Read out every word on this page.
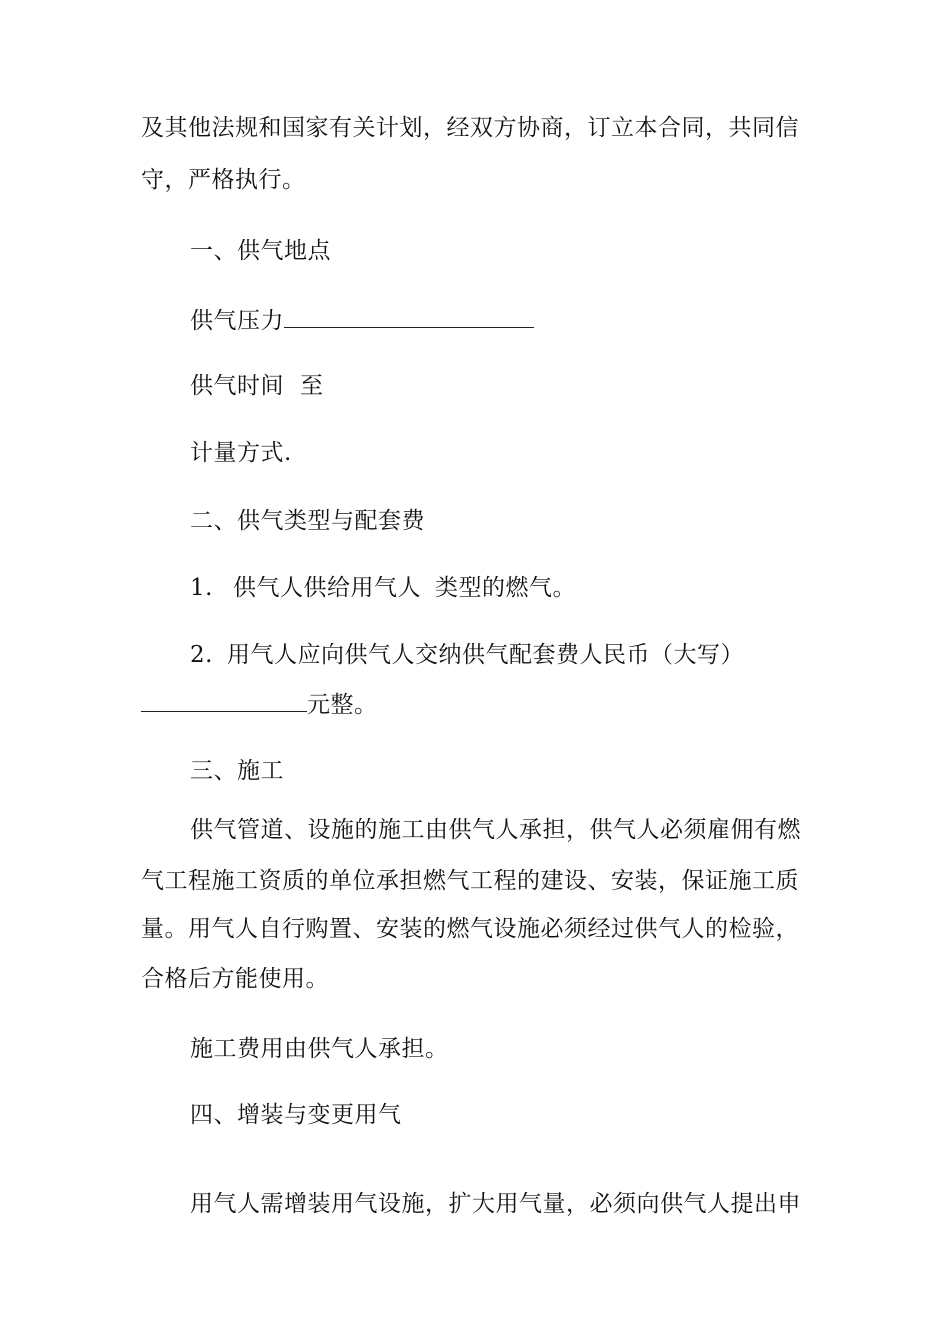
及其他法规和国家有关计划，经双方协商，订立本合同，共同信
守，严格执行。
一、供气地点
供气压力
供气时间 至
计量方式.
二、供气类型与配套费
1. 供气人供给用气人 类型的燃气。
2. 用气人应向供气人交纳供气配套费人民币（大写）
元整。
三、施工
供气管道、设施的施工由供气人承担，供气人必须雇佣有燃
气工程施工资质的单位承担燃气工程的建设、安装，保证施工质
量。用气人自行购置、安装的燃气设施必须经过供气人的检验，
合格后方能使用。
施工费用由供气人承担。
四、增装与变更用气
用气人需增装用气设施，扩大用气量，必须向供气人提出申
